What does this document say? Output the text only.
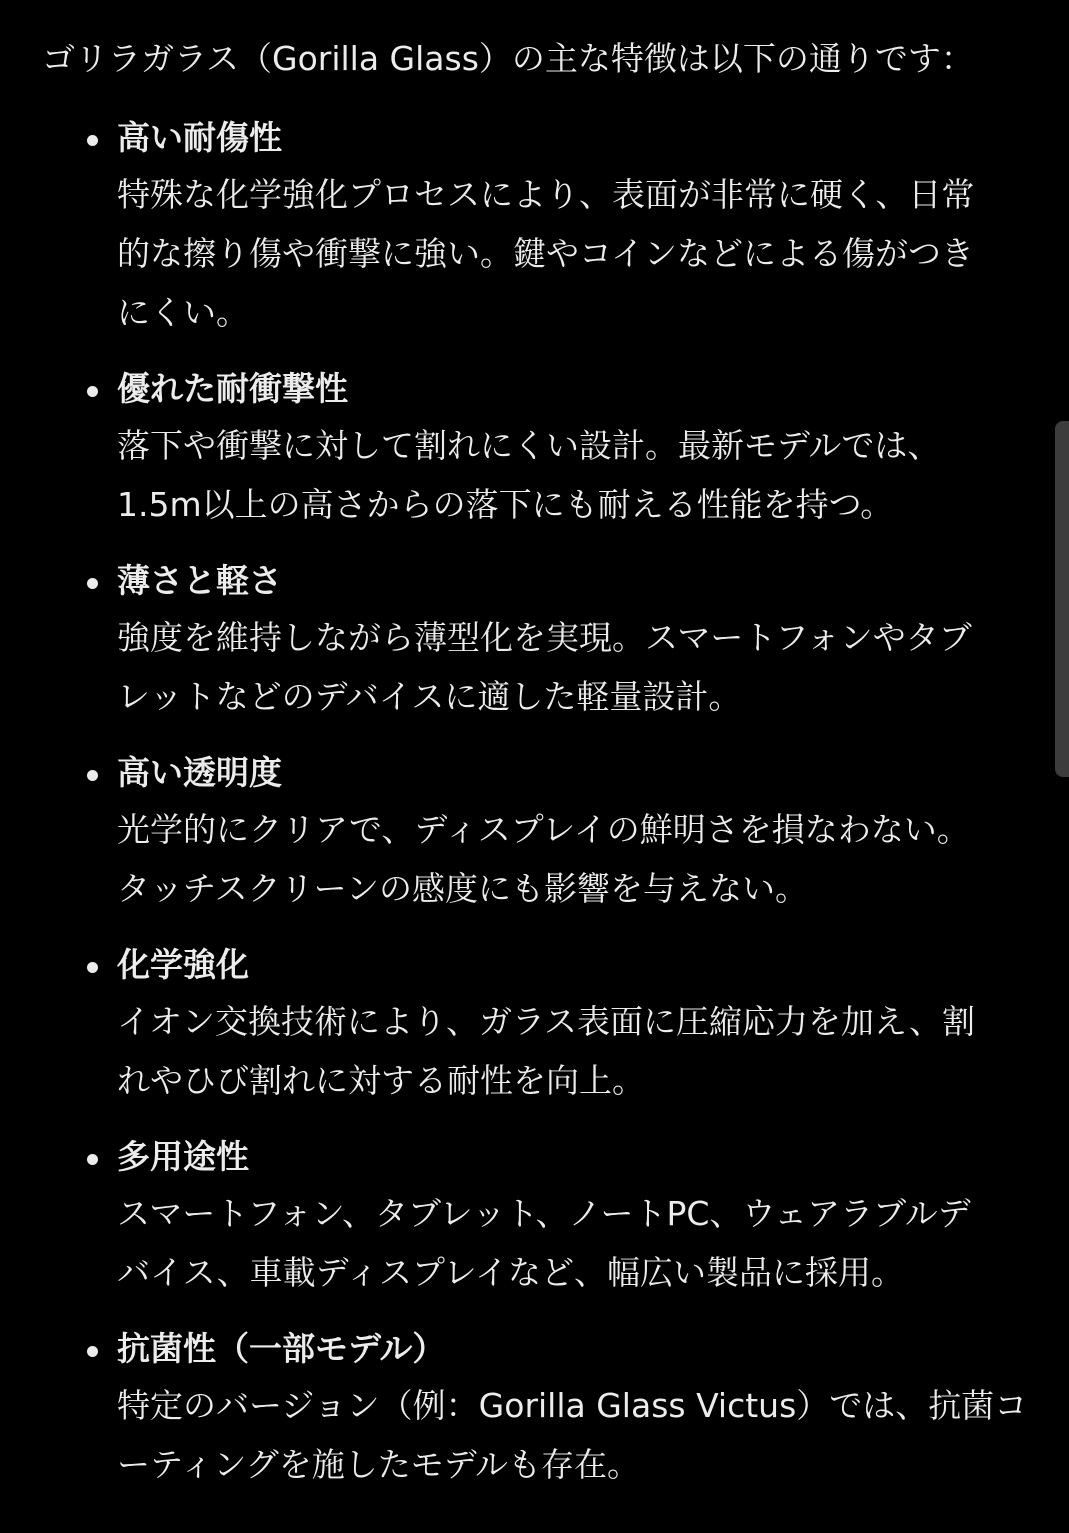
ゴリラガラス（Gorilla Glass）の主な特徴は以下の通りです：

高い耐傷性
特殊な化学強化プロセスにより、表面が非常に硬く、日常
的な擦り傷や衝撃に強い。鍵やコインなどによる傷がつき
にくい。
優れた耐衝撃性
落下や衝撃に対して割れにくい設計。最新モデルでは、
1.5m以上の高さからの落下にも耐える性能を持つ。
薄さと軽さ
強度を維持しながら薄型化を実現。スマートフォンやタブ
レットなどのデバイスに適した軽量設計。
高い透明度
光学的にクリアで、ディスプレイの鮮明さを損なわない。
タッチスクリーンの感度にも影響を与えない。
化学強化
イオン交換技術により、ガラス表面に圧縮応力を加え、割
れやひび割れに対する耐性を向上。
多用途性
スマートフォン、タブレット、ノートPC、ウェアラブルデ
バイス、車載ディスプレイなど、幅広い製品に採用。
抗菌性（一部モデル）
特定のバージョン（例：Gorilla Glass Victus）では、抗菌コ
ーティングを施したモデルも存在。
